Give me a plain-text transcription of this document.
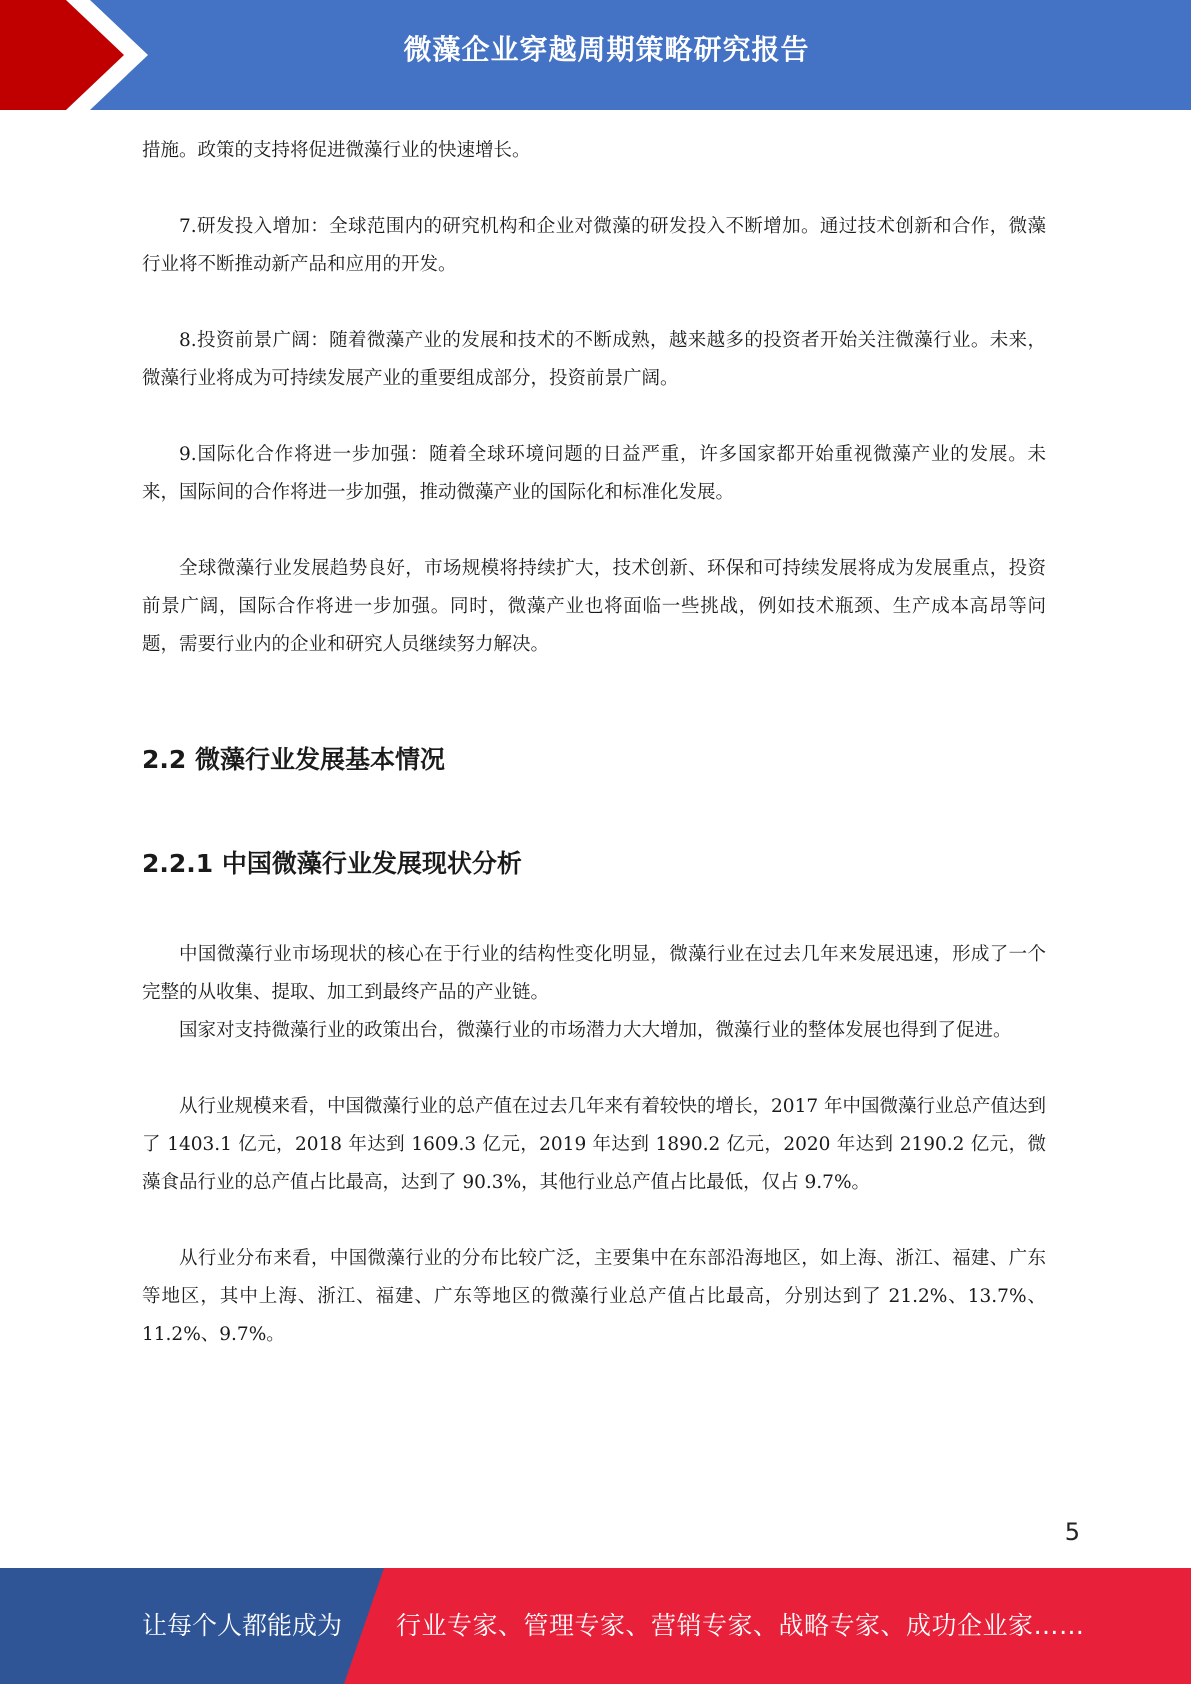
微藻企业穿越周期策略研究报告

措施。政策的支持将促进微藻行业的快速增长。

7.研发投入增加：全球范围内的研究机构和企业对微藻的研发投入不断增加。通过技术创新和合作，微藻行业将不断推动新产品和应用的开发。

8.投资前景广阔：随着微藻产业的发展和技术的不断成熟，越来越多的投资者开始关注微藻行业。未来，微藻行业将成为可持续发展产业的重要组成部分，投资前景广阔。

9.国际化合作将进一步加强：随着全球环境问题的日益严重，许多国家都开始重视微藻产业的发展。未来，国际间的合作将进一步加强，推动微藻产业的国际化和标准化发展。

全球微藻行业发展趋势良好，市场规模将持续扩大，技术创新、环保和可持续发展将成为发展重点，投资前景广阔，国际合作将进一步加强。同时，微藻产业也将面临一些挑战，例如技术瓶颈、生产成本高昂等问题，需要行业内的企业和研究人员继续努力解决。

2.2 微藻行业发展基本情况
2.2.1 中国微藻行业发展现状分析

中国微藻行业市场现状的核心在于行业的结构性变化明显，微藻行业在过去几年来发展迅速，形成了一个完整的从收集、提取、加工到最终产品的产业链。

国家对支持微藻行业的政策出台，微藻行业的市场潜力大大增加，微藻行业的整体发展也得到了促进。

从行业规模来看，中国微藻行业的总产值在过去几年来有着较快的增长，2017 年中国微藻行业总产值达到了 1403.1 亿元，2018 年达到 1609.3 亿元，2019 年达到 1890.2 亿元，2020 年达到 2190.2 亿元，微藻食品行业的总产值占比最高，达到了 90.3%，其他行业总产值占比最低，仅占 9.7%。

从行业分布来看，中国微藻行业的分布比较广泛，主要集中在东部沿海地区，如上海、浙江、福建、广东等地区，其中上海、浙江、福建、广东等地区的微藻行业总产值占比最高，分别达到了 21.2%、13.7%、11.2%、9.7%。

5
让每个人都能成为 行业专家、管理专家、营销专家、战略专家、成功企业家……
